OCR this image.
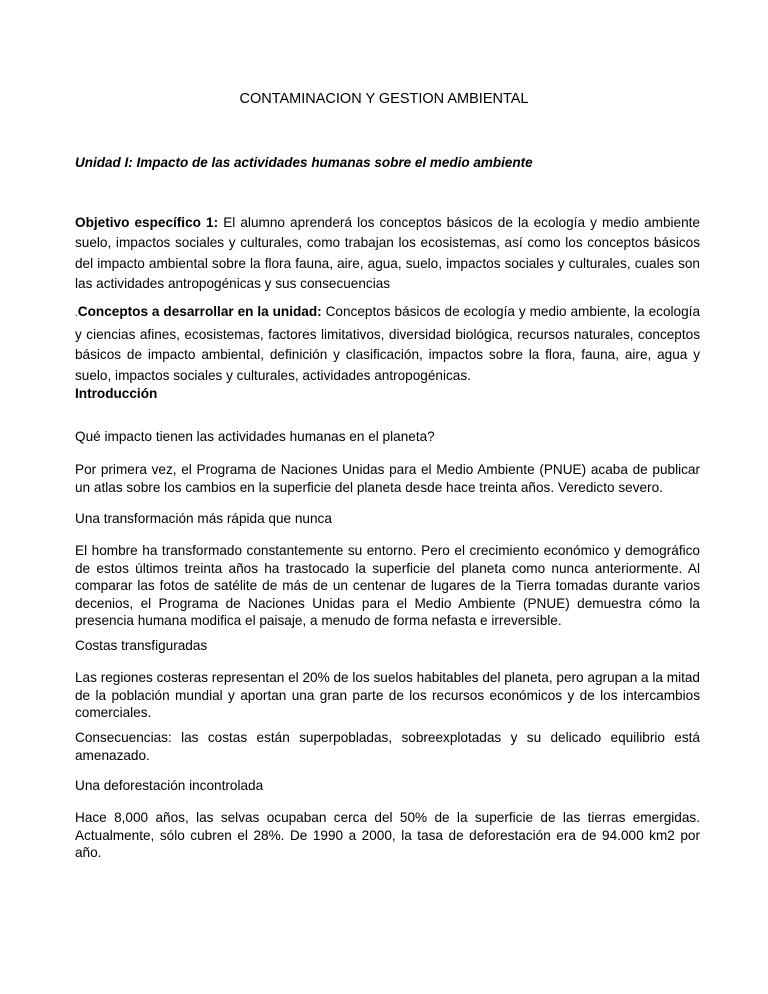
CONTAMINACION Y GESTION AMBIENTAL
Unidad I: Impacto de las actividades humanas sobre el medio ambiente
Objetivo específico 1: El alumno aprenderá los conceptos básicos de la ecología y medio ambiente suelo, impactos sociales y culturales, como trabajan los ecosistemas, así como los conceptos básicos del impacto ambiental sobre la flora fauna, aire, agua, suelo, impactos sociales y culturales, cuales son las actividades antropogénicas y sus consecuencias
.Conceptos a desarrollar en la unidad: Conceptos básicos de ecología y medio ambiente, la ecología y ciencias afines, ecosistemas, factores limitativos, diversidad biológica, recursos naturales, conceptos básicos de impacto ambiental, definición y clasificación, impactos sobre la flora, fauna, aire, agua y suelo, impactos sociales y culturales, actividades antropogénicas.
Introducción
Qué impacto tienen las actividades humanas en el planeta?
Por primera vez, el Programa de Naciones Unidas para el Medio Ambiente (PNUE) acaba de publicar un atlas sobre los cambios en la superficie del planeta desde hace treinta años. Veredicto severo.
Una transformación más rápida que nunca
El hombre ha transformado constantemente su entorno. Pero el crecimiento económico y demográfico de estos últimos treinta años ha trastocado la superficie del planeta como nunca anteriormente. Al comparar las fotos de satélite de más de un centenar de lugares de la Tierra tomadas durante varios decenios, el Programa de Naciones Unidas para el Medio Ambiente (PNUE) demuestra cómo la presencia humana modifica el paisaje, a menudo de forma nefasta e irreversible.
Costas transfiguradas
Las regiones costeras representan el 20% de los suelos habitables del planeta, pero agrupan a la mitad de la población mundial y aportan una gran parte de los recursos económicos y de los intercambios comerciales.
Consecuencias: las costas están superpobladas, sobreexplotadas y su delicado equilibrio está amenazado.
Una deforestación incontrolada
Hace 8,000 años, las selvas ocupaban cerca del 50% de la superficie de las tierras emergidas. Actualmente, sólo cubren el 28%. De 1990 a 2000, la tasa de deforestación era de 94.000 km2 por año.
